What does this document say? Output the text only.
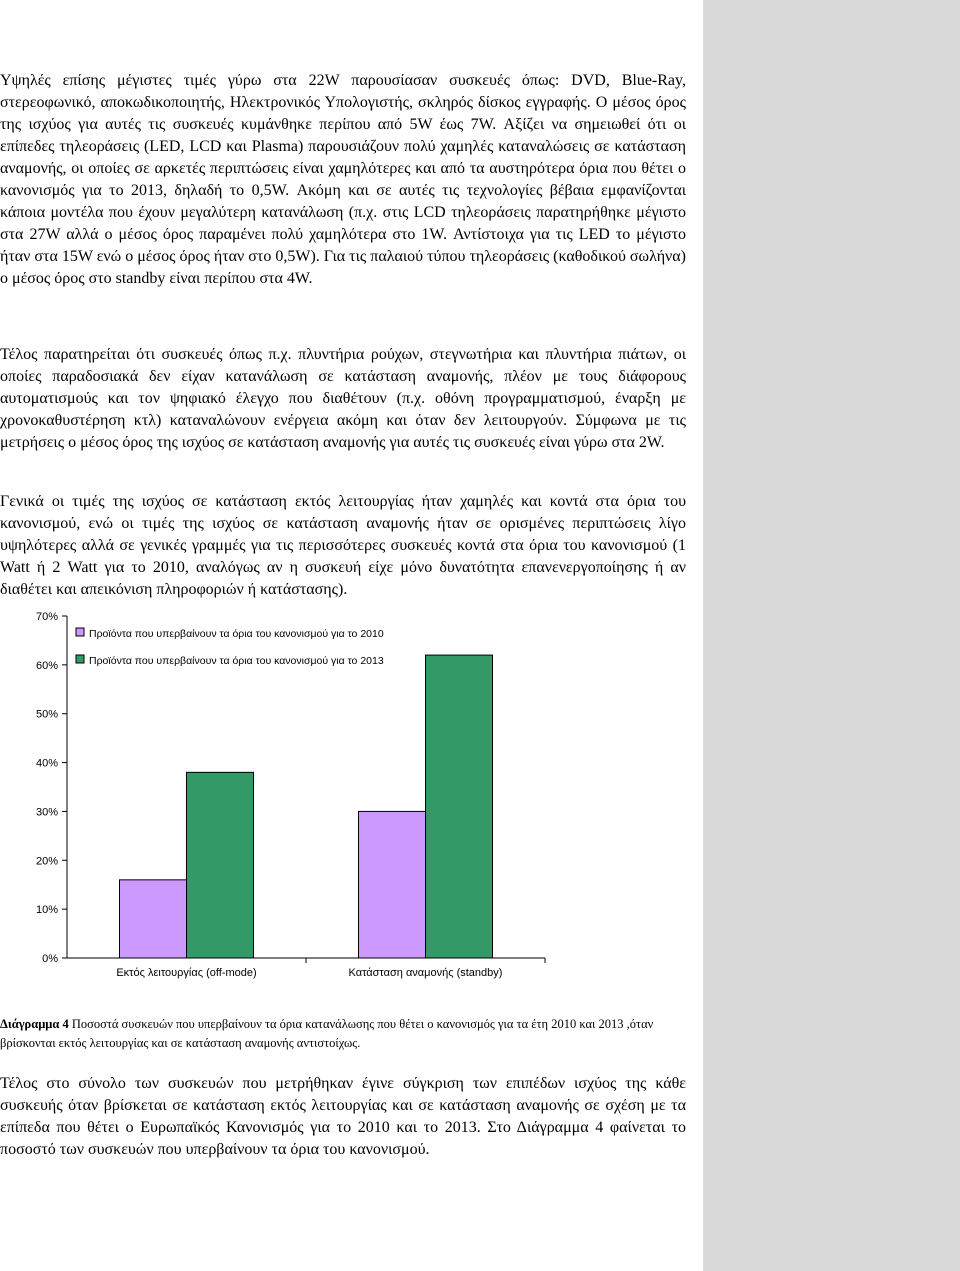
Υψηλές επίσης μέγιστες τιμές γύρω στα 22W παρουσίασαν συσκευές όπως: DVD, Blue-Ray, στερεοφωνικό, αποκωδικοποιητής, Ηλεκτρονικός Υπολογιστής, σκληρός δίσκος εγγραφής. Ο μέσος όρος της ισχύος για αυτές τις συσκευές κυμάνθηκε περίπου από 5W έως 7W. Αξίζει να σημειωθεί ότι οι επίπεδες τηλεοράσεις (LED, LCD και Plasma) παρουσιάζουν πολύ χαμηλές καταναλώσεις σε κατάσταση αναμονής, οι οποίες σε αρκετές περιπτώσεις είναι χαμηλότερες και από τα αυστηρότερα όρια που θέτει ο κανονισμός για το 2013, δηλαδή το 0,5W. Ακόμη και σε αυτές τις τεχνολογίες βέβαια εμφανίζονται κάποια μοντέλα που έχουν μεγαλύτερη κατανάλωση (π.χ. στις LCD τηλεοράσεις παρατηρήθηκε μέγιστο στα 27W αλλά ο μέσος όρος παραμένει πολύ χαμηλότερα στο 1W. Αντίστοιχα για τις LED το μέγιστο ήταν στα 15W ενώ ο μέσος όρος ήταν στο 0,5W). Για τις παλαιού τύπου τηλεοράσεις (καθοδικού σωλήνα) ο μέσος όρος στο standby είναι περίπου στα 4W.

Τέλος παρατηρείται ότι συσκευές όπως π.χ. πλυντήρια ρούχων, στεγνωτήρια και πλυντήρια πιάτων, οι οποίες παραδοσιακά δεν είχαν κατανάλωση σε κατάσταση αναμονής, πλέον με τους διάφορους αυτοματισμούς και τον ψηφιακό έλεγχο που διαθέτουν (π.χ. οθόνη προγραμματισμού, έναρξη με χρονοκαθυστέρηση κτλ) καταναλώνουν ενέργεια ακόμη και όταν δεν λειτουργούν. Σύμφωνα με τις μετρήσεις ο μέσος όρος της ισχύος σε κατάσταση αναμονής για αυτές τις συσκευές είναι γύρω στα 2W.

Γενικά οι τιμές της ισχύος σε κατάσταση εκτός λειτουργίας ήταν χαμηλές και κοντά στα όρια του κανονισμού, ενώ οι τιμές της ισχύος σε κατάσταση αναμονής ήταν σε ορισμένες περιπτώσεις λίγο υψηλότερες αλλά σε γενικές γραμμές για τις περισσότερες συσκευές κοντά στα όρια του κανονισμού (1 Watt ή 2 Watt για το 2010, αναλόγως αν η συσκευή είχε μόνο δυνατότητα επανενεργοποίησης ή αν διαθέτει και απεικόνιση πληροφοριών ή κατάστασης).

0%
10%
20%
30%
40%
50%
60%
70%
Εκτός λειτουργίας (off-mode)	Κατάσταση αναμονής (standby)
Προϊόντα που υπερβαίνουν τα όρια του κανονισμού για το 2010
Προϊόντα που υπερβαίνουν τα όρια του κανονισμού για το 2013

Διάγραμμα 4 Ποσοστά συσκευών που υπερβαίνουν τα όρια κατανάλωσης που θέτει ο κανονισμός για τα έτη 2010 και 2013 ,όταν βρίσκονται εκτός λειτουργίας και σε κατάσταση αναμονής αντιστοίχως.

Τέλος στο σύνολο των συσκευών που μετρήθηκαν έγινε σύγκριση των επιπέδων ισχύος της κάθε συσκευής όταν βρίσκεται σε κατάσταση εκτός λειτουργίας και σε κατάσταση αναμονής σε σχέση με τα επίπεδα που θέτει ο Ευρωπαϊκός Κανονισμός για το 2010 και το 2013. Στο Διάγραμμα 4 φαίνεται το ποσοστό των συσκευών που υπερβαίνουν τα όρια του κανονισμού.
